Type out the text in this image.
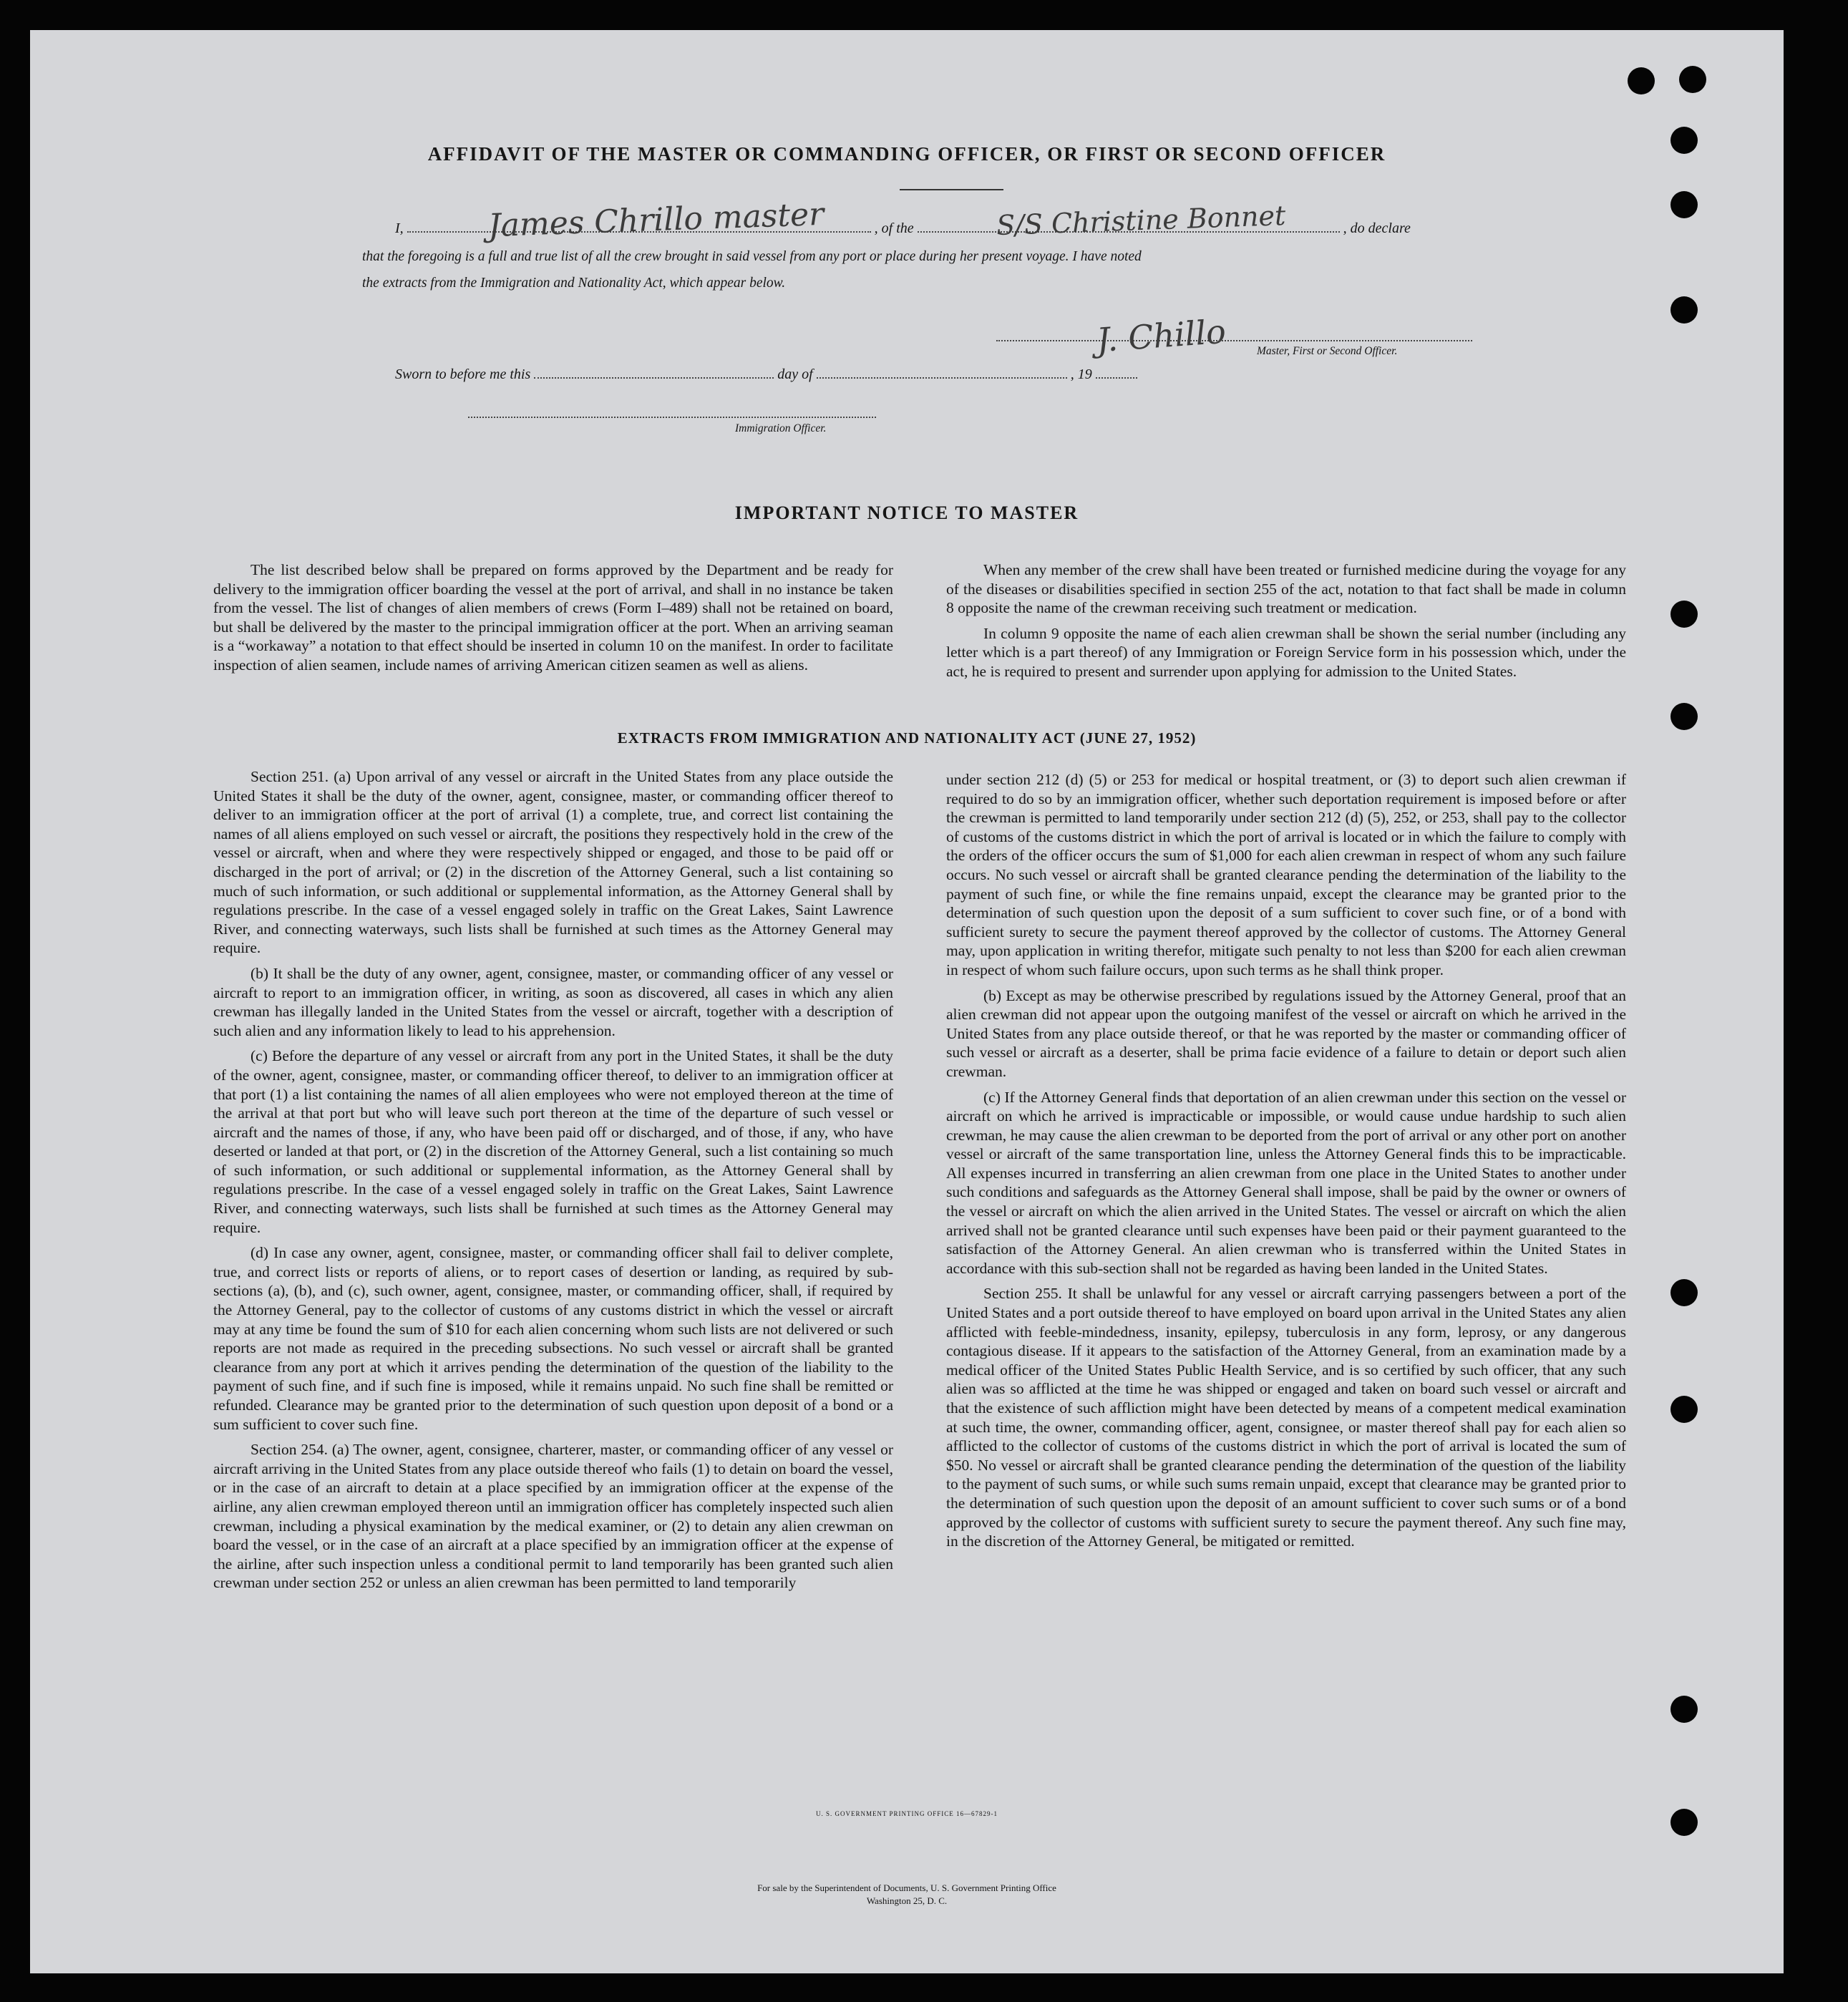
AFFIDAVIT OF THE MASTER OR COMMANDING OFFICER, OR FIRST OR SECOND OFFICER
I,	, of the	, do declare
James Chrillo master	S/S Christine Bonnet
that the foregoing is a full and true list of all the crew brought in said vessel from any port or place during her present voyage. I have noted
the extracts from the Immigration and Nationality Act, which appear below.
J. Chillo	Master, First or Second Officer.
Sworn to before me this	day of	, 19
Immigration Officer.
IMPORTANT NOTICE TO MASTER

The list described below shall be prepared on forms approved by the Department and be ready for delivery to the immigration officer boarding the vessel at the port of arrival, and shall in no instance be taken from the vessel. The list of changes of alien members of crews (Form I–489) shall not be retained on board, but shall be delivered by the master to the principal immigration officer at the port. When an arriving seaman is a “workaway” a notation to that effect should be inserted in column 10 on the manifest. In order to facilitate inspection of alien seamen, include names of arriving American citizen seamen as well as aliens.

When any member of the crew shall have been treated or furnished medicine during the voyage for any of the diseases or disabilities specified in section 255 of the act, notation to that fact shall be made in column 8 opposite the name of the crewman receiving such treatment or medication.

In column 9 opposite the name of each alien crewman shall be shown the serial number (including any letter which is a part thereof) of any Immigration or Foreign Service form in his possession which, under the act, he is required to present and surrender upon applying for admission to the United States.

EXTRACTS FROM IMMIGRATION AND NATIONALITY ACT (JUNE 27, 1952)

Section 251. (a) Upon arrival of any vessel or aircraft in the United States from any place outside the United States it shall be the duty of the owner, agent, consignee, master, or commanding officer thereof to deliver to an immigration officer at the port of arrival (1) a complete, true, and correct list containing the names of all aliens employed on such vessel or aircraft, the positions they respectively hold in the crew of the vessel or aircraft, when and where they were respectively shipped or engaged, and those to be paid off or discharged in the port of arrival; or (2) in the discretion of the Attorney General, such a list containing so much of such information, or such additional or supplemental information, as the Attorney General shall by regulations prescribe. In the case of a vessel engaged solely in traffic on the Great Lakes, Saint Lawrence River, and connecting waterways, such lists shall be furnished at such times as the Attorney General may require.

(b) It shall be the duty of any owner, agent, consignee, master, or commanding officer of any vessel or aircraft to report to an immigration officer, in writing, as soon as discovered, all cases in which any alien crewman has illegally landed in the United States from the vessel or aircraft, together with a description of such alien and any information likely to lead to his apprehension.

(c) Before the departure of any vessel or aircraft from any port in the United States, it shall be the duty of the owner, agent, consignee, master, or commanding officer thereof, to deliver to an immigration officer at that port (1) a list containing the names of all alien employees who were not employed thereon at the time of the arrival at that port but who will leave such port thereon at the time of the departure of such vessel or aircraft and the names of those, if any, who have been paid off or discharged, and of those, if any, who have deserted or landed at that port, or (2) in the discretion of the Attorney General, such a list containing so much of such information, or such additional or supplemental information, as the Attorney General shall by regulations prescribe. In the case of a vessel engaged solely in traffic on the Great Lakes, Saint Lawrence River, and connecting waterways, such lists shall be furnished at such times as the Attorney General may require.

(d) In case any owner, agent, consignee, master, or commanding officer shall fail to deliver complete, true, and correct lists or reports of aliens, or to report cases of desertion or landing, as required by sub-sections (a), (b), and (c), such owner, agent, consignee, master, or commanding officer, shall, if required by the Attorney General, pay to the collector of customs of any customs district in which the vessel or aircraft may at any time be found the sum of $10 for each alien concerning whom such lists are not delivered or such reports are not made as required in the preceding subsections. No such vessel or aircraft shall be granted clearance from any port at which it arrives pending the determination of the question of the liability to the payment of such fine, and if such fine is imposed, while it remains unpaid. No such fine shall be remitted or refunded. Clearance may be granted prior to the determination of such question upon deposit of a bond or a sum sufficient to cover such fine.

Section 254. (a) The owner, agent, consignee, charterer, master, or commanding officer of any vessel or aircraft arriving in the United States from any place outside thereof who fails (1) to detain on board the vessel, or in the case of an aircraft to detain at a place specified by an immigration officer at the expense of the airline, any alien crewman employed thereon until an immigration officer has completely inspected such alien crewman, including a physical examination by the medical examiner, or (2) to detain any alien crewman on board the vessel, or in the case of an aircraft at a place specified by an immigration officer at the expense of the airline, after such inspection unless a conditional permit to land temporarily has been granted such alien crewman under section 252 or unless an alien crewman has been permitted to land temporarily

under section 212 (d) (5) or 253 for medical or hospital treatment, or (3) to deport such alien crewman if required to do so by an immigration officer, whether such deportation requirement is imposed before or after the crewman is permitted to land temporarily under section 212 (d) (5), 252, or 253, shall pay to the collector of customs of the customs district in which the port of arrival is located or in which the failure to comply with the orders of the officer occurs the sum of $1,000 for each alien crewman in respect of whom any such failure occurs. No such vessel or aircraft shall be granted clearance pending the determination of the liability to the payment of such fine, or while the fine remains unpaid, except the clearance may be granted prior to the determination of such question upon the deposit of a sum sufficient to cover such fine, or of a bond with sufficient surety to secure the payment thereof approved by the collector of customs. The Attorney General may, upon application in writing therefor, mitigate such penalty to not less than $200 for each alien crewman in respect of whom such failure occurs, upon such terms as he shall think proper.

(b) Except as may be otherwise prescribed by regulations issued by the Attorney General, proof that an alien crewman did not appear upon the outgoing manifest of the vessel or aircraft on which he arrived in the United States from any place outside thereof, or that he was reported by the master or commanding officer of such vessel or aircraft as a deserter, shall be prima facie evidence of a failure to detain or deport such alien crewman.

(c) If the Attorney General finds that deportation of an alien crewman under this section on the vessel or aircraft on which he arrived is impracticable or impossible, or would cause undue hardship to such alien crewman, he may cause the alien crewman to be deported from the port of arrival or any other port on another vessel or aircraft of the same transportation line, unless the Attorney General finds this to be impracticable. All expenses incurred in transferring an alien crewman from one place in the United States to another under such conditions and safeguards as the Attorney General shall impose, shall be paid by the owner or owners of the vessel or aircraft on which the alien arrived in the United States. The vessel or aircraft on which the alien arrived shall not be granted clearance until such expenses have been paid or their payment guaranteed to the satisfaction of the Attorney General. An alien crewman who is transferred within the United States in accordance with this sub-section shall not be regarded as having been landed in the United States.

Section 255. It shall be unlawful for any vessel or aircraft carrying passengers between a port of the United States and a port outside thereof to have employed on board upon arrival in the United States any alien afflicted with feeble-mindedness, insanity, epilepsy, tuberculosis in any form, leprosy, or any dangerous contagious disease. If it appears to the satisfaction of the Attorney General, from an examination made by a medical officer of the United States Public Health Service, and is so certified by such officer, that any such alien was so afflicted at the time he was shipped or engaged and taken on board such vessel or aircraft and that the existence of such affliction might have been detected by means of a competent medical examination at such time, the owner, commanding officer, agent, consignee, or master thereof shall pay for each alien so afflicted to the collector of customs of the customs district in which the port of arrival is located the sum of $50. No vessel or aircraft shall be granted clearance pending the determination of the question of the liability to the payment of such sums, or while such sums remain unpaid, except that clearance may be granted prior to the determination of such question upon the deposit of an amount sufficient to cover such sums or of a bond approved by the collector of customs with sufficient surety to secure the payment thereof. Any such fine may, in the discretion of the Attorney General, be mitigated or remitted.

U. S. GOVERNMENT PRINTING OFFICE 16—67829-1
For sale by the Superintendent of Documents, U. S. Government Printing Office
Washington 25, D. C.
